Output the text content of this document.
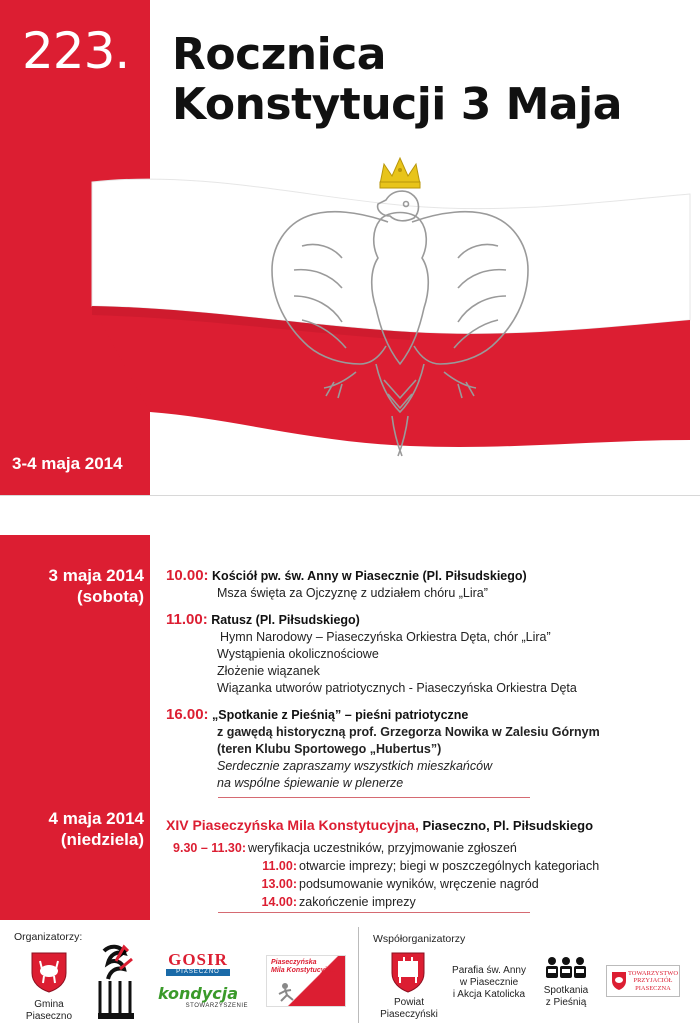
223. Rocznica
Konstytucji 3 Maja
3-4 maja 2014
3 maja 2014
(sobota)
4 maja 2014
(niedziela)
10.00: Kościół pw. św. Anny w Piasecznie (Pl. Piłsudskiego)
Msza święta za Ojczyznę z udziałem chóru „Lira”
11.00: Ratusz (Pl. Piłsudskiego)
Hymn Narodowy – Piaseczyńska Orkiestra Dęta, chór „Lira”
Wystąpienia okolicznościowe
Złożenie wiązanek
Wiązanka utworów patriotycznych - Piaseczyńska Orkiestra Dęta
16.00: „Spotkanie z Pieśnią” – pieśni patriotyczne
z gawędą historyczną prof. Grzegorza Nowika w Zalesiu Górnym
(teren Klubu Sportowego „Hubertus”)
Serdecznie zapraszamy wszystkich mieszkańców
na wspólne śpiewanie w plenerze
XIV Piaseczyńska Mila Konstytucyjna, Piaseczno, Pl. Piłsudskiego
9.30 – 11.30: weryfikacja uczestników, przyjmowanie zgłoszeń
11.00: otwarcie imprezy; biegi w poszczególnych kategoriach
13.00: podsumowanie wyników, wręczenie nagród
14.00: zakończenie imprezy
Organizatorzy:	Współorganizatorzy
Gmina
Piaseczno
GOSIR
PIASECZNO
kondycja
STOWARZYSZENIE
Piaseczyńska
Mila Konstytucyjna
Powiat
Piaseczyński
Parafia św. Anny
w Piasecznie
i Akcja Katolicka	Spotkania
z Pieśnią
TOWARZYSTWO
PRZYJACIÓŁ
PIASECZNA
